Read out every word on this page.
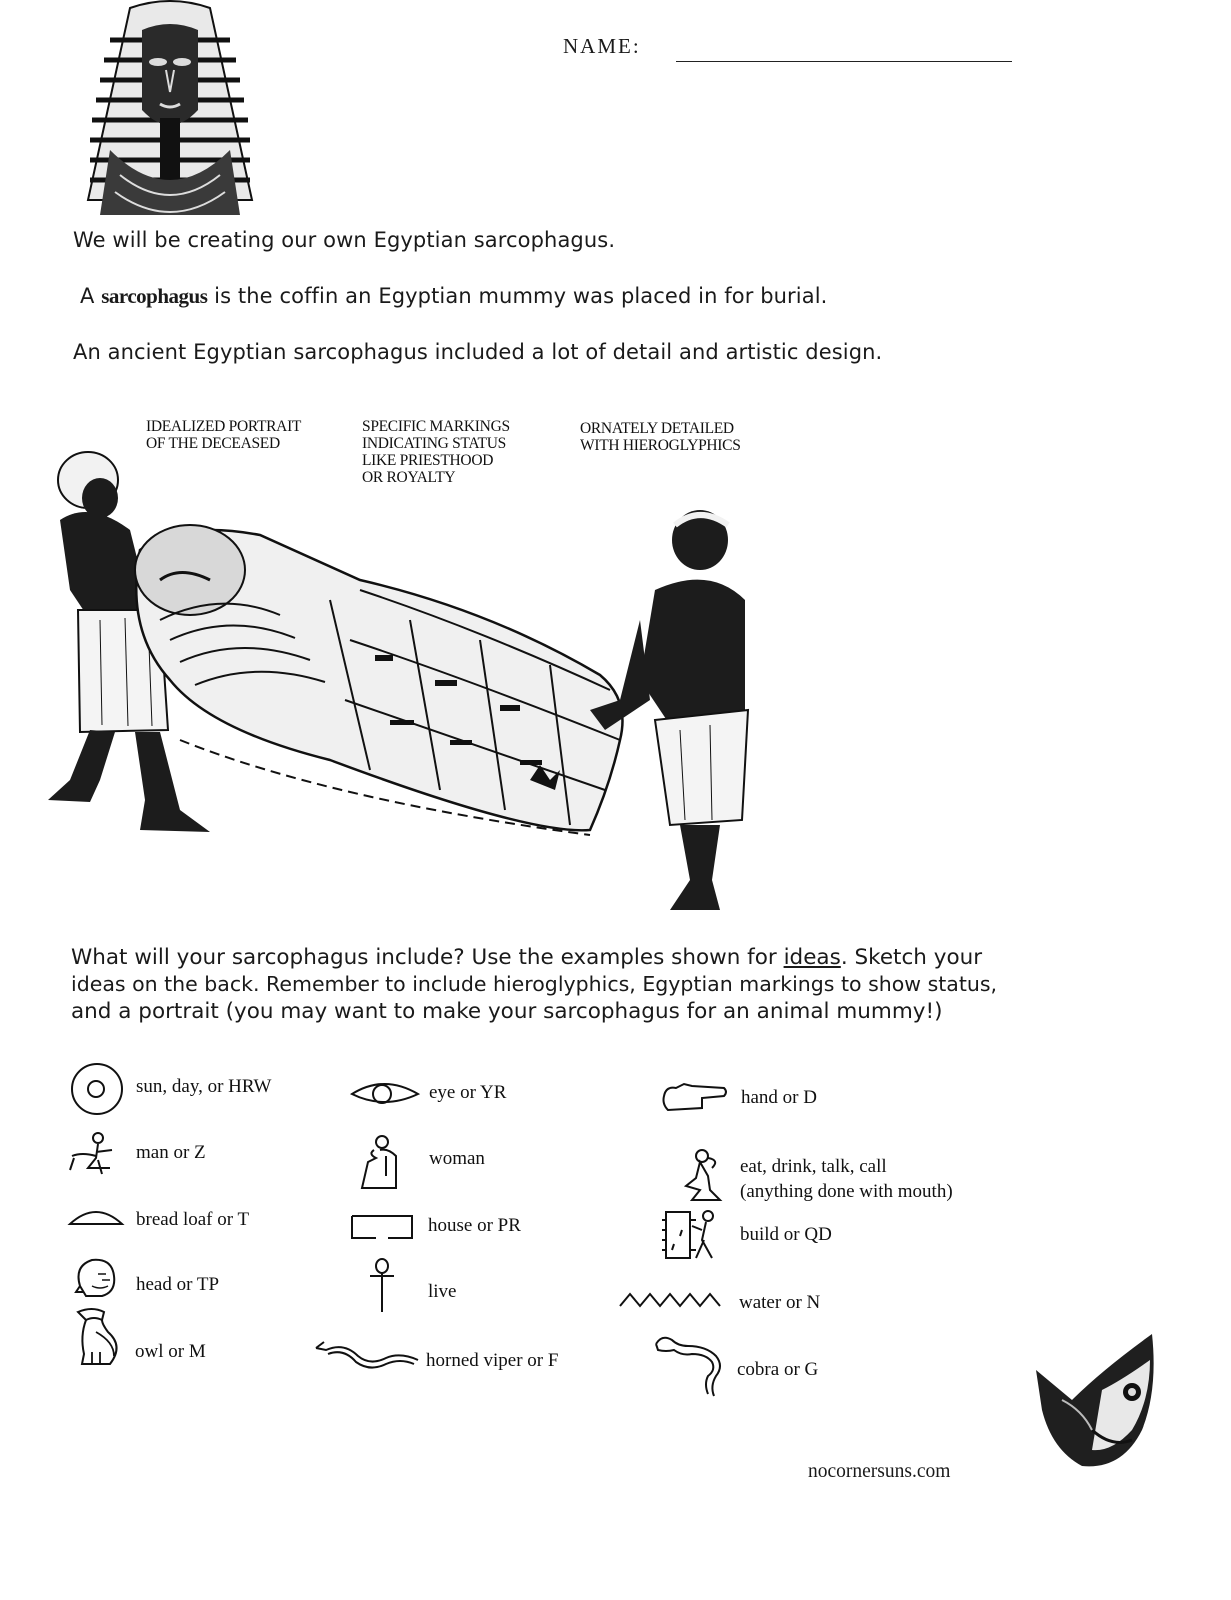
NAME:
We will be creating our own Egyptian sarcophagus.
A sarcophagus is the coffin an Egyptian mummy was placed in for burial.
An ancient Egyptian sarcophagus included a lot of detail and artistic design.
IDEALIZED PORTRAIT
OF THE DECEASED
SPECIFIC MARKINGS
INDICATING STATUS
LIKE PRIESTHOOD
OR ROYALTY
ORNATELY DETAILED
WITH HIEROGLYPHICS
What will your sarcophagus include? Use the examples shown for ideas. Sketch your
ideas on the back. Remember to include hieroglyphics, Egyptian markings to show status,
and a portrait (you may want to make your sarcophagus for an animal mummy!)
sun, day, or HRW
man or Z
bread loaf or T
head or TP
owl or M
eye or YR
woman
house or PR
live
horned viper or F
hand or D
eat, drink, talk, call
(anything done with mouth)
build or QD
water or N
cobra or G
nocornersuns.com
